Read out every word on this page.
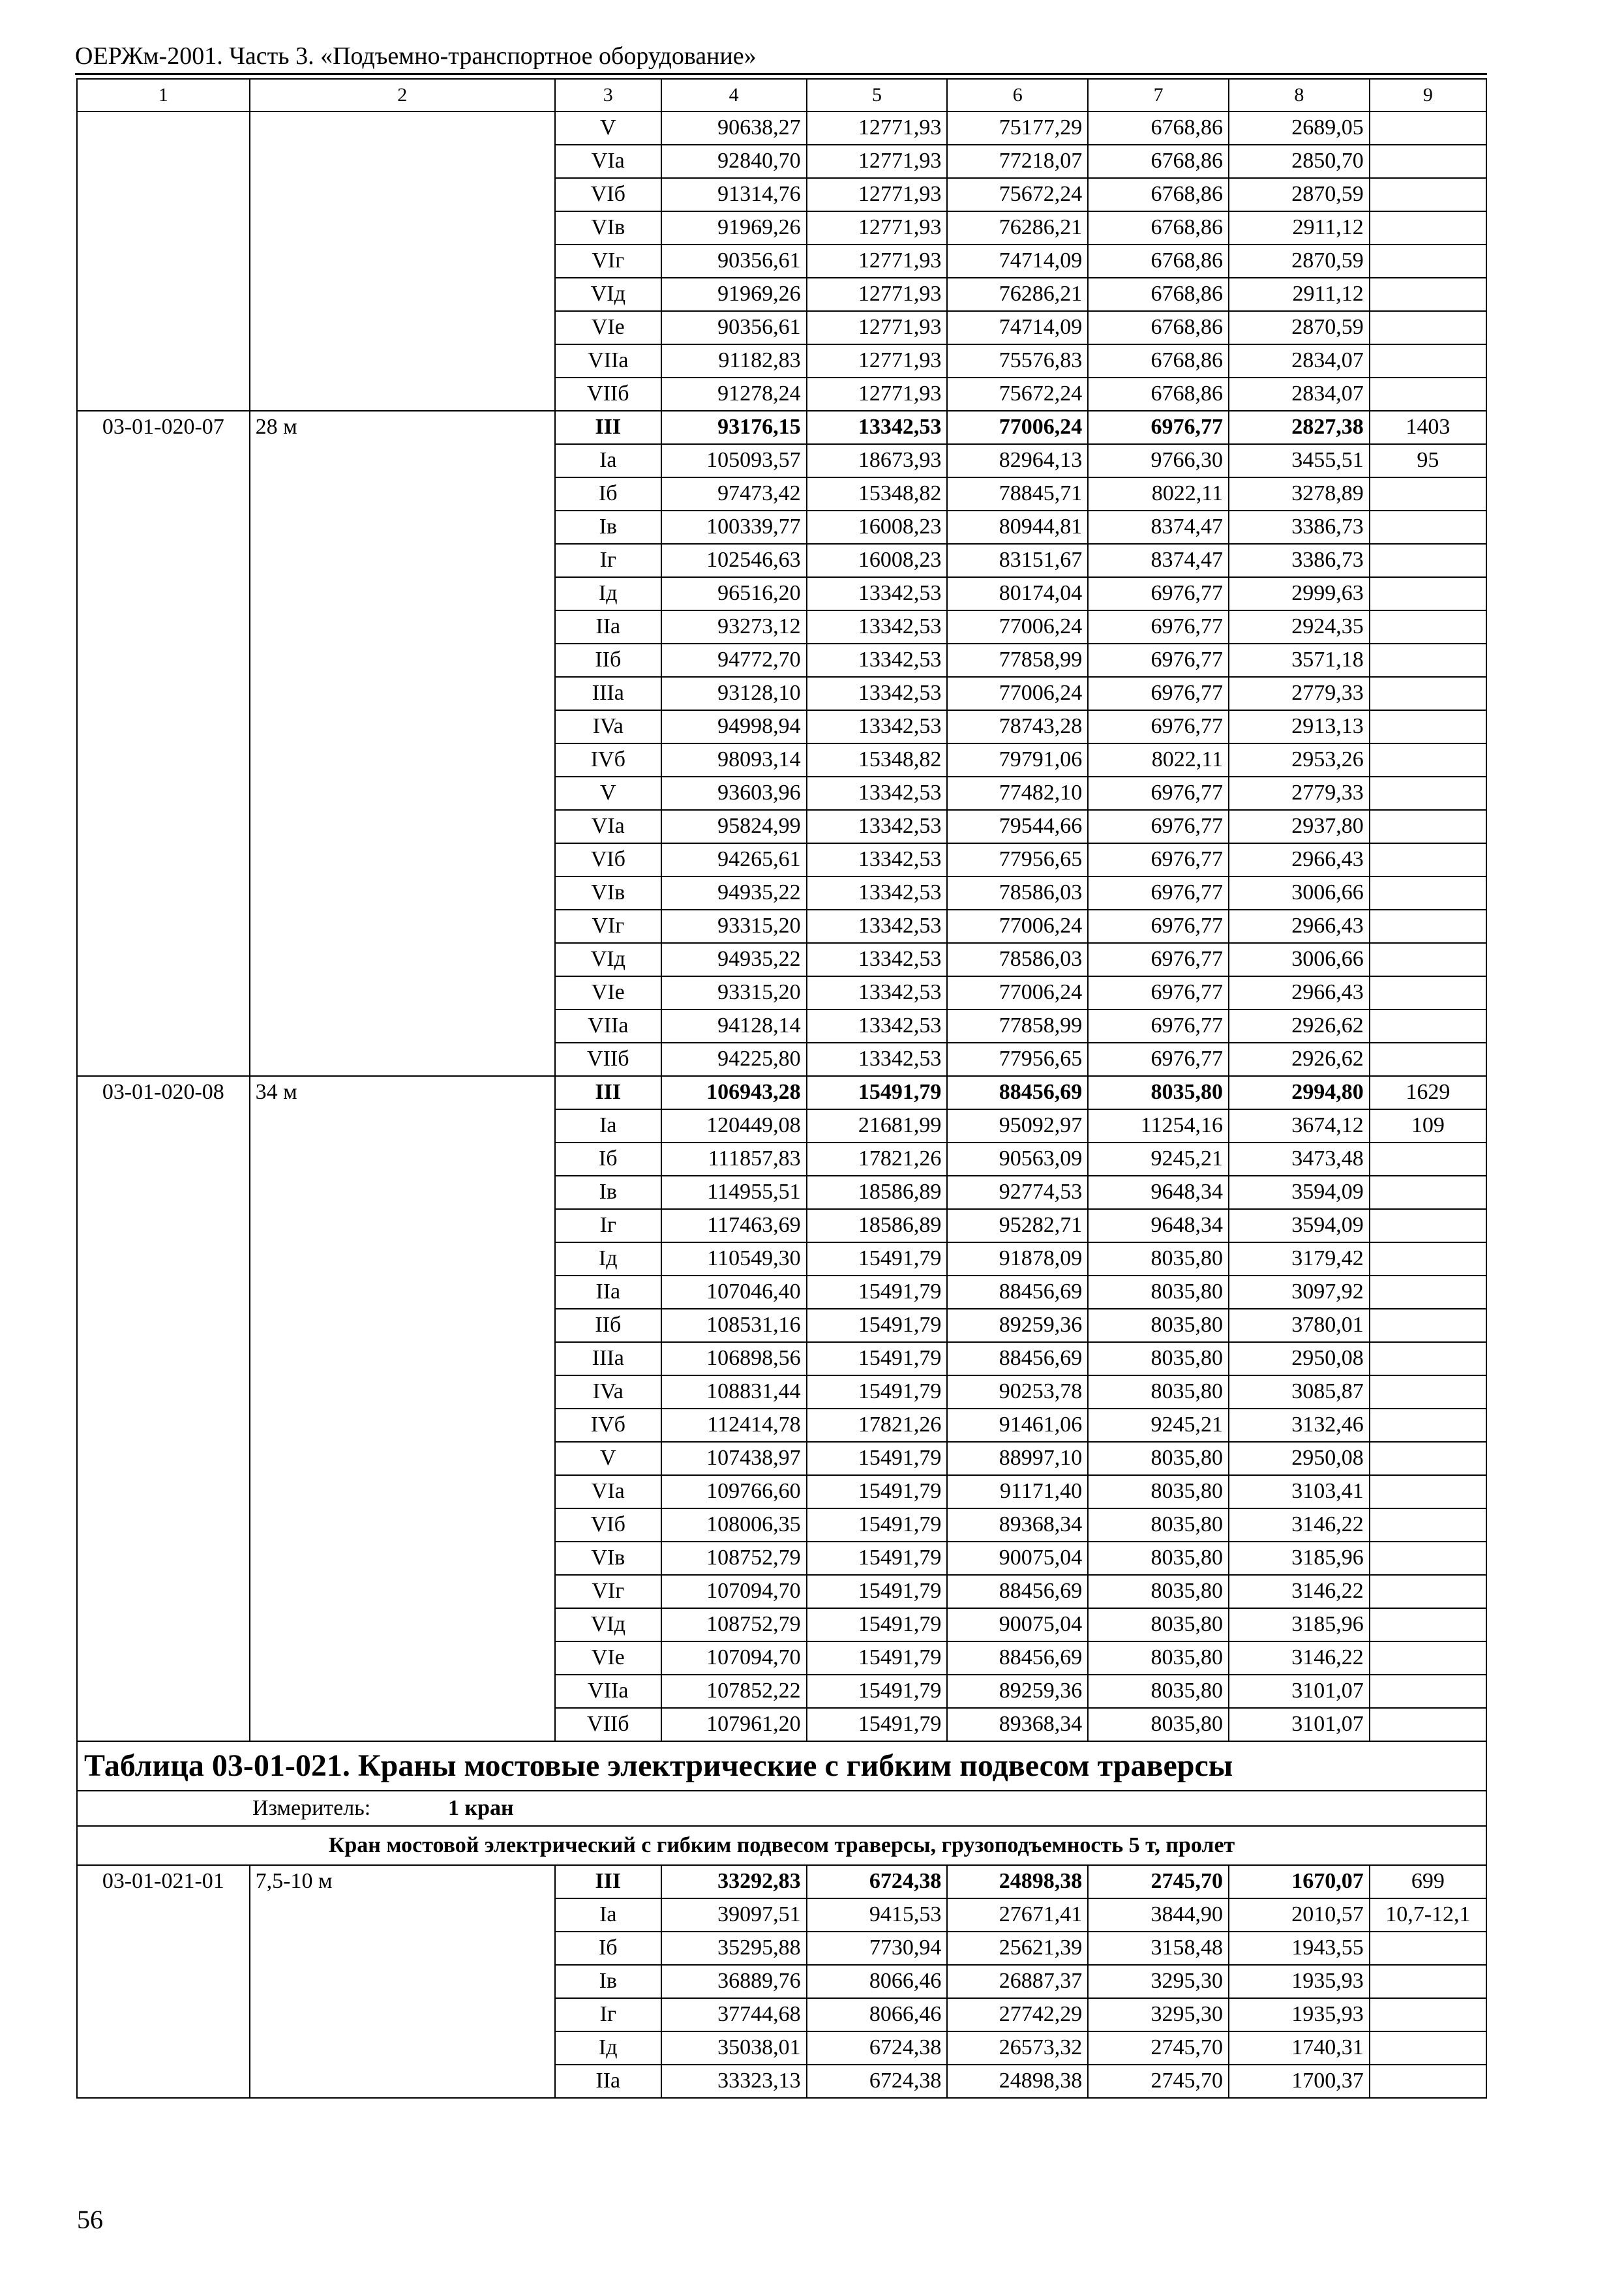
ОЕРЖм-2001. Часть 3. «Подъемно-транспортное оборудование»
1	2	3	4	5	6	7	8	9
		V	90638,27	12771,93	75177,29	6768,86	2689,05	
		VIa	92840,70	12771,93	77218,07	6768,86	2850,70	
		VIб	91314,76	12771,93	75672,24	6768,86	2870,59	
		VIв	91969,26	12771,93	76286,21	6768,86	2911,12	
		VIг	90356,61	12771,93	74714,09	6768,86	2870,59	
		VIд	91969,26	12771,93	76286,21	6768,86	2911,12	
		VIe	90356,61	12771,93	74714,09	6768,86	2870,59	
		VIIa	91182,83	12771,93	75576,83	6768,86	2834,07	
		VIIб	91278,24	12771,93	75672,24	6768,86	2834,07	
03-01-020-07	28 м	III	93176,15	13342,53	77006,24	6976,77	2827,38	1403
		Ia	105093,57	18673,93	82964,13	9766,30	3455,51	95
		Iб	97473,42	15348,82	78845,71	8022,11	3278,89	
		Iв	100339,77	16008,23	80944,81	8374,47	3386,73	
		Iг	102546,63	16008,23	83151,67	8374,47	3386,73	
		Iд	96516,20	13342,53	80174,04	6976,77	2999,63	
		IIa	93273,12	13342,53	77006,24	6976,77	2924,35	
		IIб	94772,70	13342,53	77858,99	6976,77	3571,18	
		IIIa	93128,10	13342,53	77006,24	6976,77	2779,33	
		IVa	94998,94	13342,53	78743,28	6976,77	2913,13	
		IVб	98093,14	15348,82	79791,06	8022,11	2953,26	
		V	93603,96	13342,53	77482,10	6976,77	2779,33	
		VIa	95824,99	13342,53	79544,66	6976,77	2937,80	
		VIб	94265,61	13342,53	77956,65	6976,77	2966,43	
		VIв	94935,22	13342,53	78586,03	6976,77	3006,66	
		VIг	93315,20	13342,53	77006,24	6976,77	2966,43	
		VIд	94935,22	13342,53	78586,03	6976,77	3006,66	
		VIe	93315,20	13342,53	77006,24	6976,77	2966,43	
		VIIa	94128,14	13342,53	77858,99	6976,77	2926,62	
		VIIб	94225,80	13342,53	77956,65	6976,77	2926,62	
03-01-020-08	34 м	III	106943,28	15491,79	88456,69	8035,80	2994,80	1629
		Ia	120449,08	21681,99	95092,97	11254,16	3674,12	109
		Iб	111857,83	17821,26	90563,09	9245,21	3473,48	
		Iв	114955,51	18586,89	92774,53	9648,34	3594,09	
		Iг	117463,69	18586,89	95282,71	9648,34	3594,09	
		Iд	110549,30	15491,79	91878,09	8035,80	3179,42	
		IIa	107046,40	15491,79	88456,69	8035,80	3097,92	
		IIб	108531,16	15491,79	89259,36	8035,80	3780,01	
		IIIa	106898,56	15491,79	88456,69	8035,80	2950,08	
		IVa	108831,44	15491,79	90253,78	8035,80	3085,87	
		IVб	112414,78	17821,26	91461,06	9245,21	3132,46	
		V	107438,97	15491,79	88997,10	8035,80	2950,08	
		VIa	109766,60	15491,79	91171,40	8035,80	3103,41	
		VIб	108006,35	15491,79	89368,34	8035,80	3146,22	
		VIв	108752,79	15491,79	90075,04	8035,80	3185,96	
		VIг	107094,70	15491,79	88456,69	8035,80	3146,22	
		VIд	108752,79	15491,79	90075,04	8035,80	3185,96	
		VIe	107094,70	15491,79	88456,69	8035,80	3146,22	
		VIIa	107852,22	15491,79	89259,36	8035,80	3101,07	
		VIIб	107961,20	15491,79	89368,34	8035,80	3101,07	
Таблица 03-01-021. Краны мостовые электрические с гибким подвесом траверсы								
Измеритель: 1 кран								
Кран мостовой электрический с гибким подвесом траверсы, грузоподъемность 5 т, пролет								
03-01-021-01	7,5-10 м	III	33292,83	6724,38	24898,38	2745,70	1670,07	699
		Ia	39097,51	9415,53	27671,41	3844,90	2010,57	10,7-12,1
		Iб	35295,88	7730,94	25621,39	3158,48	1943,55	
		Iв	36889,76	8066,46	26887,37	3295,30	1935,93	
		Iг	37744,68	8066,46	27742,29	3295,30	1935,93	
		Iд	35038,01	6724,38	26573,32	2745,70	1740,31	
		IIa	33323,13	6724,38	24898,38	2745,70	1700,37	
56
